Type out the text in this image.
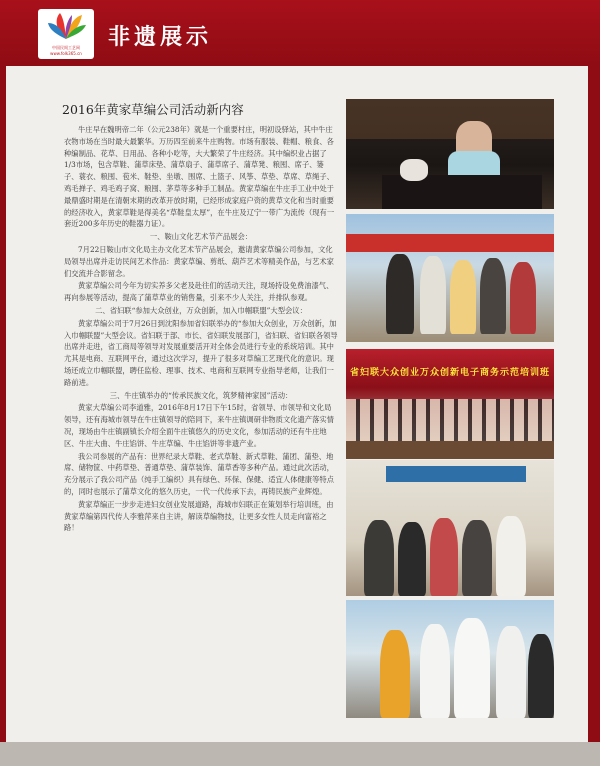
中国民间工艺网
www.folk365.cn
非遗展示
2016年黄家草编公司活动新内容

牛庄早在魏明帝二年（公元238年）就是一个重要村庄，明初设驿站，其中牛庄衣物市场在当时最大最繁华。万历四至前来牛庄购物。市场有服装、鞋帽、粮食、各种编制品、花草、日用品、各种小吃等，大大繁荣了牛庄经济。其中编织业占据了1/3市场，包含草鞋、蒲草床垫、蒲草扇子、蒲草席子、蒲草凳、粮囤、席子、篓子、蓑衣、粮囤、苞米、鞋垫、坐墩、围席、土篮子、风筝、草垫、草席、草绳子、鸡毛掸子、鸡毛鸡子窝、粮囤、茅草等多种手工制品。黄家草编在牛庄手工业中处于最鼎盛时期是在清朝末期的改革开放时期，已经形成家庭户资的黄草文化和当时重要的经济收入，黄家草鞋是得美名“草鞋皇太厚”，在牛庄及辽宁一带广为流传（现有一套近200多年历史的鞋器力证）。

一、鞍山文化艺术节产品展会：

7月22日鞍山市文化局主办文化艺术节产品展会，邀请黄家草编公司参加，文化局领导出席并走访民间艺术作品：黄家草编、剪纸、葫芦艺术等精美作品，与艺术家们交流并合影留念。

黄家草编公司今年为切实养多父老及赴往们的活动天注，现场持设免费油漆气、再向参展等活动，提高了蒲草草业的销售量，引来不少人关注，并排队参观。

二、省妇联“参加大众创业，万众创新，加入巾帼联盟”大型会议：

黄家草编公司于7月26日到沈阳参加省妇联举办的“参加大众创业，万众创新，加入巾帼联盟”大型会议。省妇联于部、市长、省妇联发展部门，省妇联、省妇联各领导出席并走进，省工商局等领导对发展重要活开对全体会员进行专业的系统培训。其中尤其是电商、互联网平台，通过这次学习，提升了很多对草编工艺现代化的意识。现场还成立巾帼联盟，聘任监检、理事、技术、电商和互联网专业指导老师，让我们一路前进。

三、牛庄镇举办的“传承民族文化，筑梦精神家园”活动：

黄家大草编公司李道雅，2016年8月17日下午15时，省领导、市领导和文化局领导，还有海城市领导在牛庄镇领导的陪同下，来牛庄镇调研非物质文化遗产落实情况，现场由牛庄镇副镇长介绍全面牛庄镇悠久的历史文化，参加活动的还有牛庄地区、牛庄大曲、牛庄馅饼、牛庄草编、牛庄馅饼等非遗产业。

我公司参展的产品有：世界纪录大草鞋、老式草鞋、新式草鞋、蒲团、蒲垫、地席、储物筐、中药草垫、普通草垫、蒲草装饰、蒲草香等多种产品。通过此次活动，充分展示了我公司产品（纯手工编织）具有绿色、环保、保健、适宜人体健康等特点的，同时也展示了蒲草文化的悠久历史，一代一代传承下去，再铸民族产业辉煌。

黄家草编正一步步走进妇女创业发展道路，海城市妇联正在策划举行培训班，由黄家草编第四代传人李雅萍来自主讲，解读草编物技，让更多女性人员走向富裕之路！

省妇联大众创业万众创新电子商务示范培训班
